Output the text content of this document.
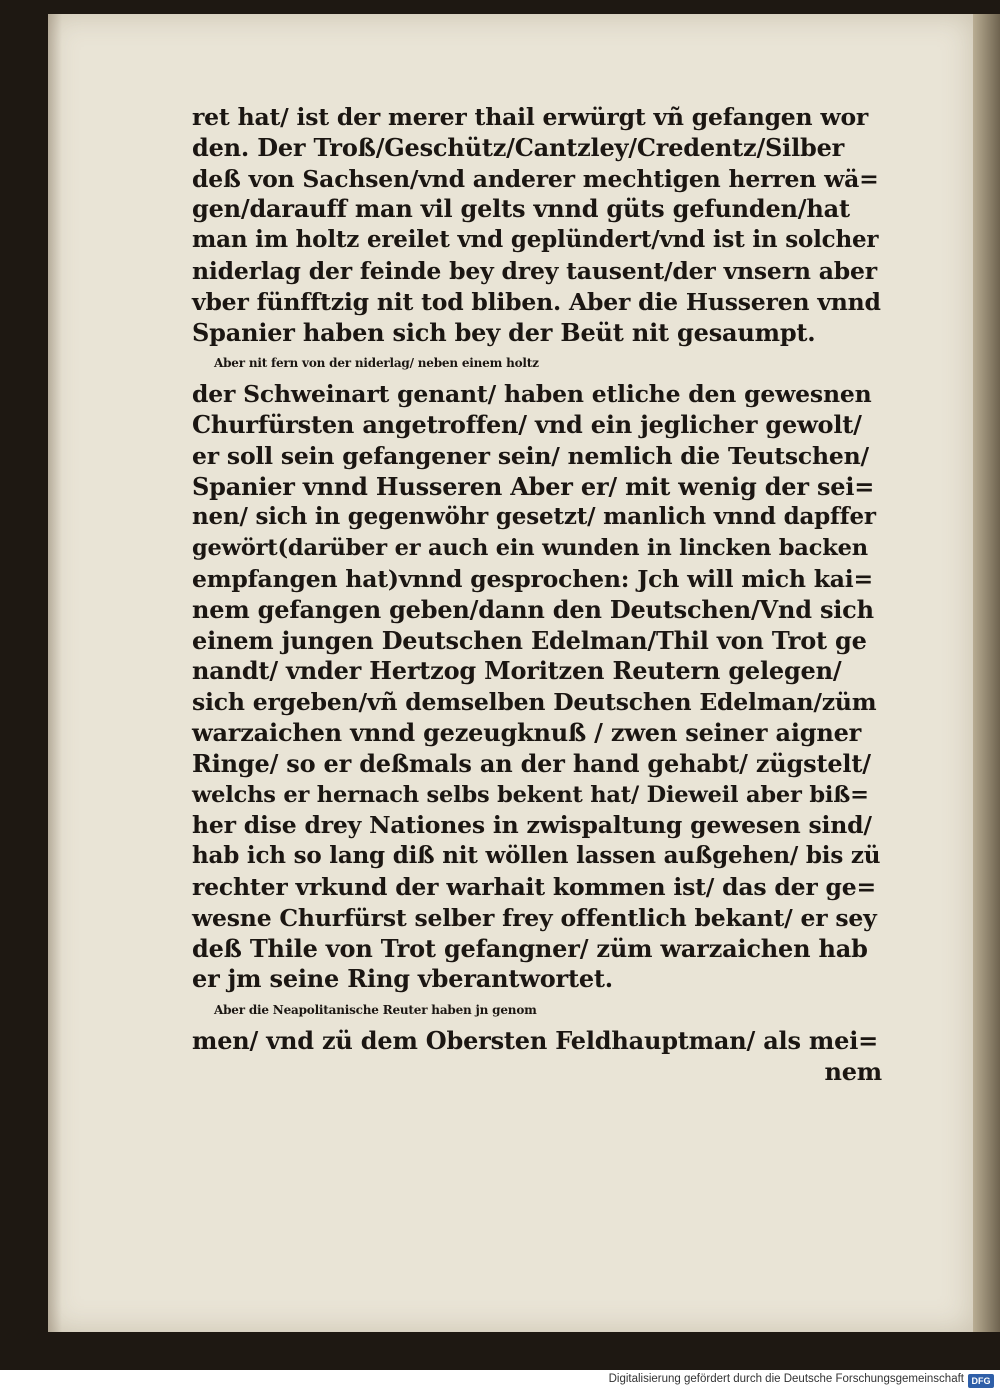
ret hat/ ist der merer thail erwürgt vñ gefangen wor
den. Der Troß/Geschütz/Cantzley/Credentz/Silber
deß von Sachsen/vnd anderer mechtigen herren wä=
gen/darauff man vil gelts vnnd güts gefunden/hat
man im holtz ereilet vnd geplündert/vnd ist in solcher
niderlag der feinde bey drey tausent/der vnsern aber
vber fünfftzig nit tod bliben. Aber die Husseren vnnd
Spanier haben sich bey der Beüt nit gesaumpt.
Aber nit fern von der niderlag/ neben einem holtz
der Schweinart genant/ haben etliche den gewesnen
Churfürsten angetroffen/ vnd ein jeglicher gewolt/
er soll sein gefangener sein/ nemlich die Teutschen/
Spanier vnnd Husseren Aber er/ mit wenig der sei=
nen/ sich in gegenwöhr gesetzt/ manlich vnnd dapffer
gewört(darüber er auch ein wunden in lincken backen
empfangen hat)vnnd gesprochen: Jch will mich kai=
nem gefangen geben/dann den Deutschen/Vnd sich
einem jungen Deutschen Edelman/Thil von Trot ge
nandt/ vnder Hertzog Moritzen Reutern gelegen/
sich ergeben/vñ demselben Deutschen Edelman/züm
warzaichen vnnd gezeugknuß / zwen seiner aigner
Ringe/ so er deßmals an der hand gehabt/ zügstelt/
welchs er hernach selbs bekent hat/ Dieweil aber biß=
her dise drey Nationes in zwispaltung gewesen sind/
hab ich so lang diß nit wöllen lassen außgehen/ bis zü
rechter vrkund der warhait kommen ist/ das der ge=
wesne Churfürst selber frey offentlich bekant/ er sey
deß Thile von Trot gefangner/ züm warzaichen hab
er jm seine Ring vberantwortet.
Aber die Neapolitanische Reuter haben jn genom
men/ vnd zü dem Obersten Feldhauptman/ als mei=
nem
Digitalisierung gefördert durch die Deutsche Forschungsgemeinschaft DFG
